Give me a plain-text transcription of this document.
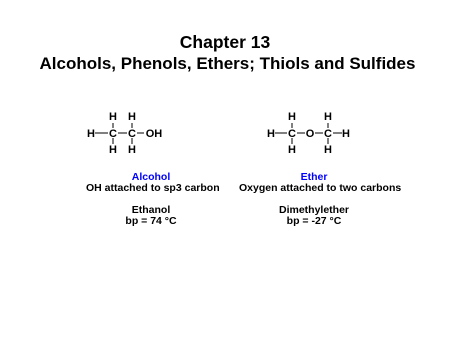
Chapter 13
Alcohols, Phenols, Ethers; Thiols and Sulfides
H H
H C C OH
H H
H	H
H C O C H
H	H
Alcohol
OH attached to sp3 carbon
Ethanol
bp = 74 °C
Ether
Oxygen attached to two carbons
Dimethylether
bp = -27 °C
